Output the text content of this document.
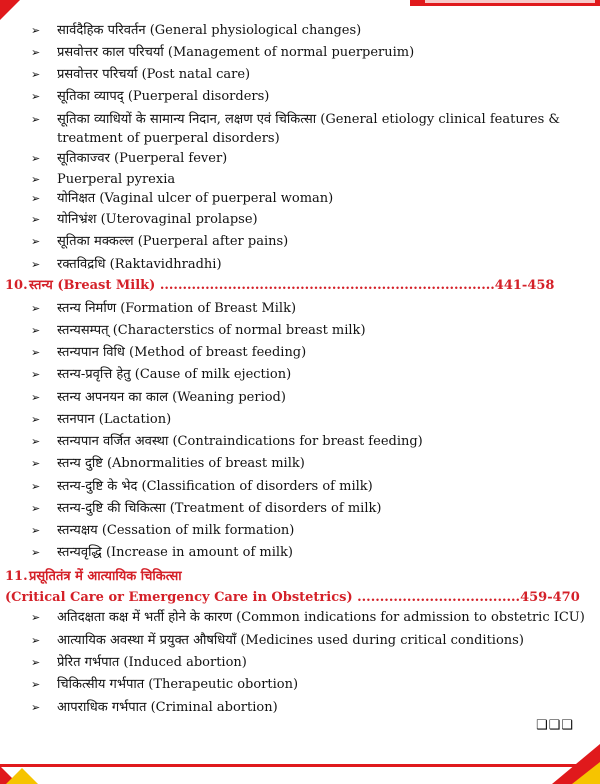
➢ सार्वदैहिक परिवर्तन (General physiological changes)
➢ प्रसवोत्तर काल परिचर्या (Management of normal puerperuim)
➢ प्रसवोत्तर परिचर्या (Post natal care)
➢ सूतिका व्यापद् (Puerperal disorders)
➢ सूतिका व्याधियों के सामान्य निदान, लक्षण एवं चिकित्सा (General etiology clinical features & treatment of puerperal disorders)
➢ सूतिकाज्वर (Puerperal fever)
➢ Puerperal pyrexia
➢ योनिक्षत (Vaginal ulcer of puerperal woman)
➢ योनिभ्रंश (Uterovaginal prolapse)
➢ सूतिका मक्कल्ल (Puerperal after pains)
➢ रक्तविद्रधि (Raktavidhradhi)
10.स्तन्य (Breast Milk) ..........................................................................441-458
➢ स्तन्य निर्माण (Formation of Breast Milk)
➢ स्तन्यसम्पत् (Characterstics of normal breast milk)
➢ स्तन्यपान विधि (Method of breast feeding)
➢ स्तन्य-प्रवृत्ति हेतु (Cause of milk ejection)
➢ स्तन्य अपनयन का काल (Weaning period)
➢ स्तनपान (Lactation)
➢ स्तन्यपान वर्जित अवस्था (Contraindications for breast feeding)
➢ स्तन्य दुष्टि (Abnormalities of breast milk)
➢ स्तन्य-दुष्टि के भेद (Classification of disorders of milk)
➢ स्तन्य-दुष्टि की चिकित्सा (Treatment of disorders of milk)
➢ स्तन्यक्षय (Cessation of milk formation)
➢ स्तन्यवृद्धि (Increase in amount of milk)
11.प्रसूतितंत्र में आत्यायिक चिकित्सा
(Critical Care or Emergency Care in Obstetrics) ....................................459-470
➢ अतिदक्षता कक्ष में भर्ती होने के कारण (Common indications for admission to obstetric ICU)
➢ आत्यायिक अवस्था में प्रयुक्त औषधियाँ (Medicines used during critical conditions)
➢ प्रेरित गर्भपात (Induced abortion)
➢ चिकित्सीय गर्भपात (Therapeutic obortion)
➢ आपराधिक गर्भपात (Criminal abortion)
❑❑❑
